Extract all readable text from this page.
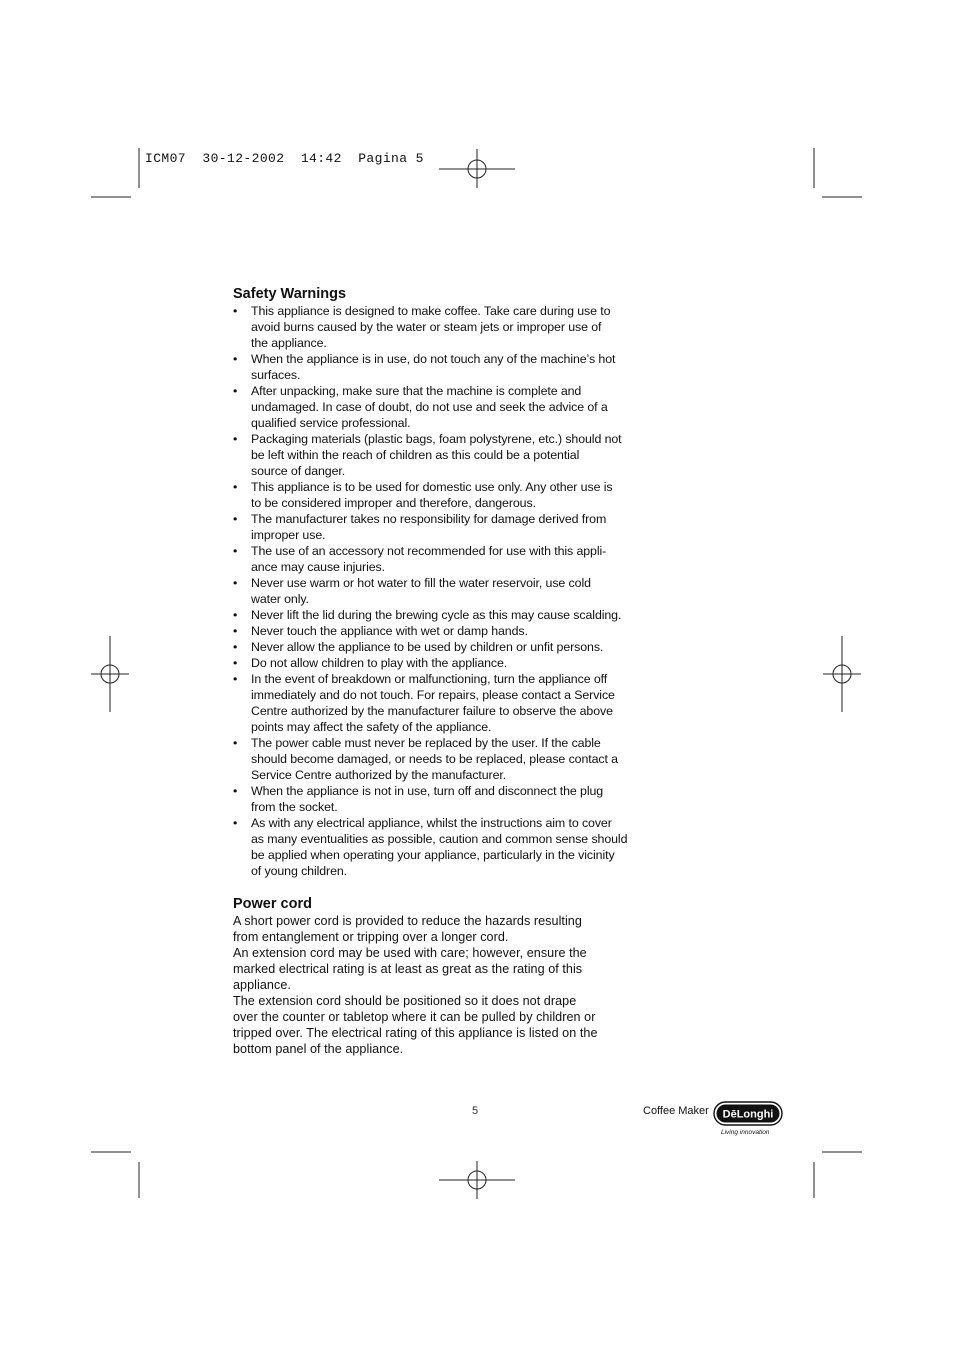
ICM07  30-12-2002  14:42  Pagina 5
Safety Warnings
• This appliance is designed to make coffee. Take care during use to
avoid burns caused by the water or steam jets or improper use of
the appliance.
• When the appliance is in use, do not touch any of the machine’s hot
surfaces.
• After unpacking, make sure that the machine is complete and
undamaged. In case of doubt, do not use and seek the advice of a
qualified service professional.
• Packaging materials (plastic bags, foam polystyrene, etc.) should not
be left within the reach of children as this could be a potential
source of danger.
• This appliance is to be used for domestic use only. Any other use is
to be considered improper and therefore, dangerous.
• The manufacturer takes no responsibility for damage derived from
improper use.
• The use of an accessory not recommended for use with this appli-
ance may cause injuries.
• Never use warm or hot water to fill the water reservoir, use cold
water only.
• Never lift the lid during the brewing cycle as this may cause scalding.
• Never touch the appliance with wet or damp hands.
• Never allow the appliance to be used by children or unfit persons.
• Do not allow children to play with the appliance.
• In the event of breakdown or malfunctioning, turn the appliance off
immediately and do not touch. For repairs, please contact a Service
Centre authorized by the manufacturer failure to observe the above
points may affect the safety of the appliance.
• The power cable must never be replaced by the user. If the cable
should become damaged, or needs to be replaced, please contact a
Service Centre authorized by the manufacturer.
• When the appliance is not in use, turn off and disconnect the plug
from the socket.
• As with any electrical appliance, whilst the instructions aim to cover
as many eventualities as possible, caution and common sense should
be applied when operating your appliance, particularly in the vicinity
of young children.
Power cord

A short power cord is provided to reduce the hazards resulting
from entanglement or tripping over a longer cord.

An extension cord may be used with care; however, ensure the
marked electrical rating is at least as great as the rating of this
appliance.

The extension cord should be positioned so it does not drape
over the counter or tabletop where it can be pulled by children or
tripped over. The electrical rating of this appliance is listed on the
bottom panel of the appliance.

5	Coffee Maker DēLonghi
Living innovation
